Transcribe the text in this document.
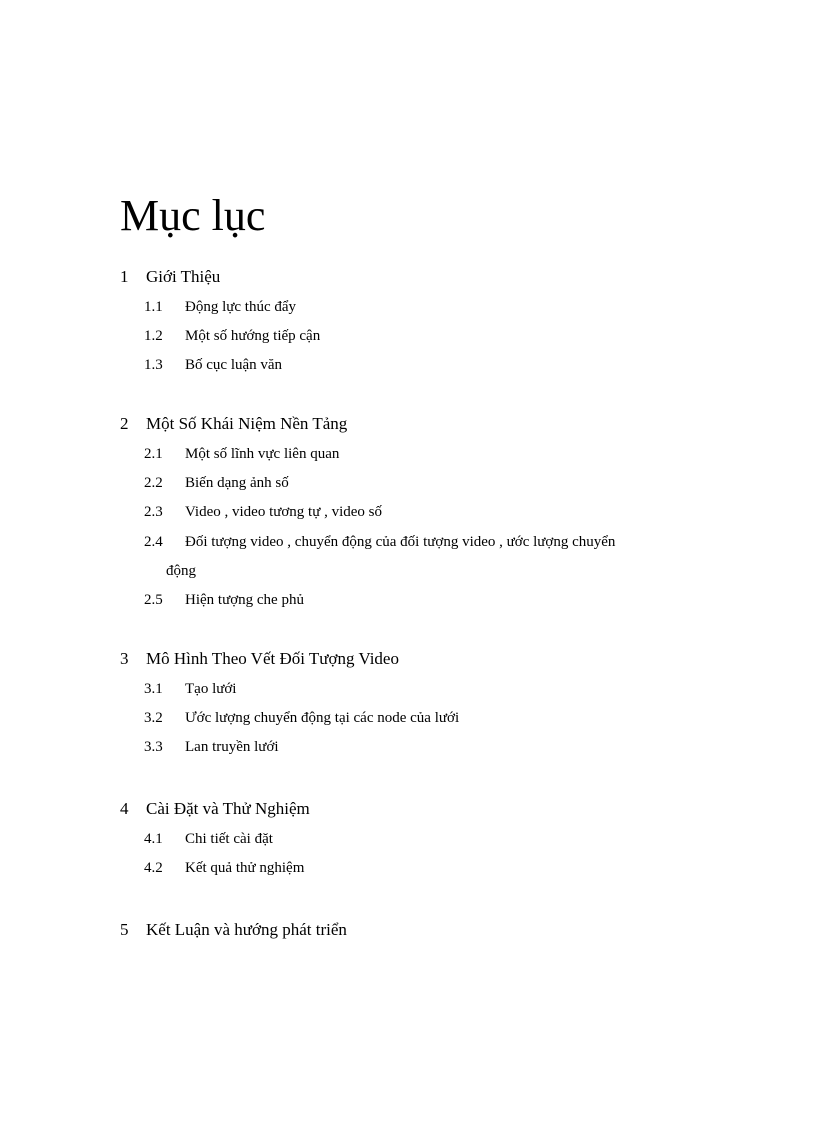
Mục lục
1 Giới Thiệu
1.1 Động lực thúc đẩy
1.2 Một số hướng tiếp cận
1.3 Bố cục luận văn
2 Một Số Khái Niệm Nền Tảng
2.1 Một số lĩnh vực liên quan
2.2 Biến dạng ảnh số
2.3 Video , video tương tự , video số
2.4 Đối tượng video , chuyển động của đối tượng video , ước lượng chuyển
động
2.5 Hiện tượng che phủ
3 Mô Hình Theo Vết Đối Tượng Video
3.1 Tạo lưới
3.2 Ước lượng chuyển động tại các node của lưới
3.3 Lan truyền lưới
4 Cài Đặt và Thử Nghiệm
4.1 Chi tiết cài đặt
4.2 Kết quả thử nghiệm
5 Kết Luận và hướng phát triển
